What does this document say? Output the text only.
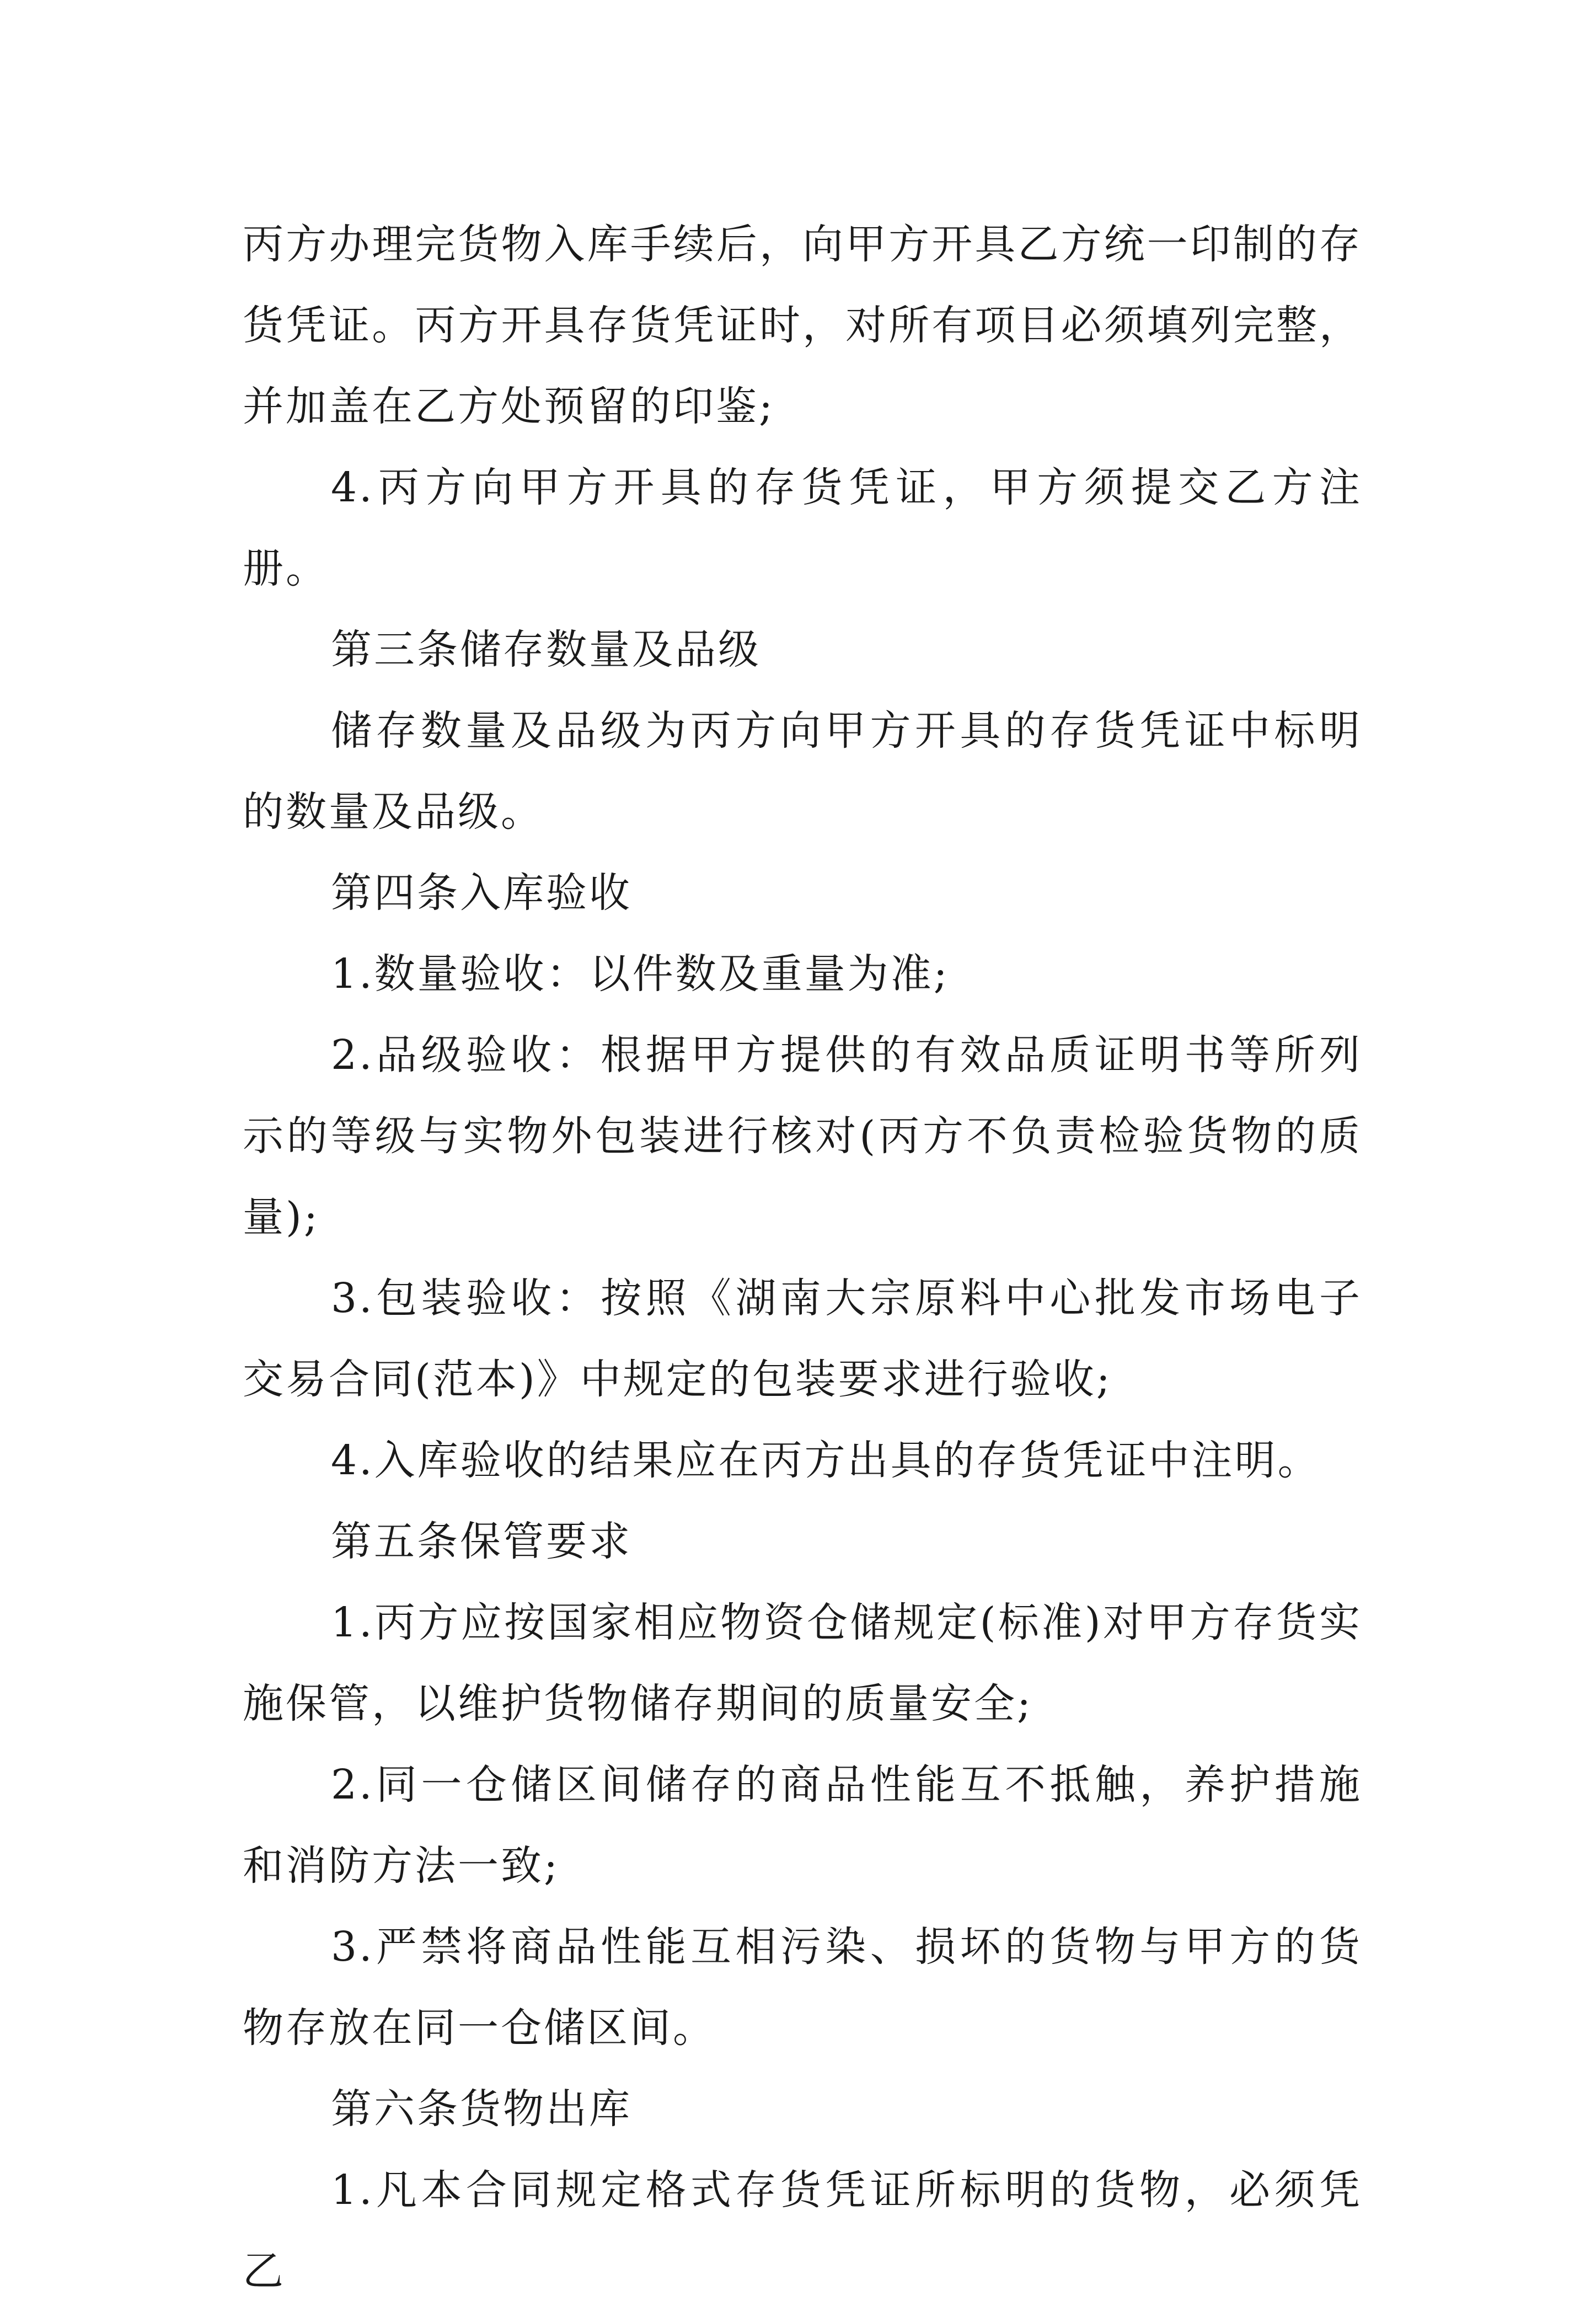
丙方办理完货物入库手续后，向甲方开具乙方统一印制的存货凭证。丙方开具存货凭证时，对所有项目必须填列完整，并加盖在乙方处预留的印鉴;

4.丙方向甲方开具的存货凭证，甲方须提交乙方注册。

第三条储存数量及品级

储存数量及品级为丙方向甲方开具的存货凭证中标明的数量及品级。

第四条入库验收

1.数量验收：以件数及重量为准;

2.品级验收：根据甲方提供的有效品质证明书等所列示的等级与实物外包装进行核对(丙方不负责检验货物的质量);

3.包装验收：按照《湖南大宗原料中心批发市场电子交易合同(范本)》中规定的包装要求进行验收;

4.入库验收的结果应在丙方出具的存货凭证中注明。

第五条保管要求

1.丙方应按国家相应物资仓储规定(标准)对甲方存货实施保管，以维护货物储存期间的质量安全;

2.同一仓储区间储存的商品性能互不抵触，养护措施和消防方法一致;

3.严禁将商品性能互相污染、损坏的货物与甲方的货物存放在同一仓储区间。

第六条货物出库

1.凡本合同规定格式存货凭证所标明的货物，必须凭乙
